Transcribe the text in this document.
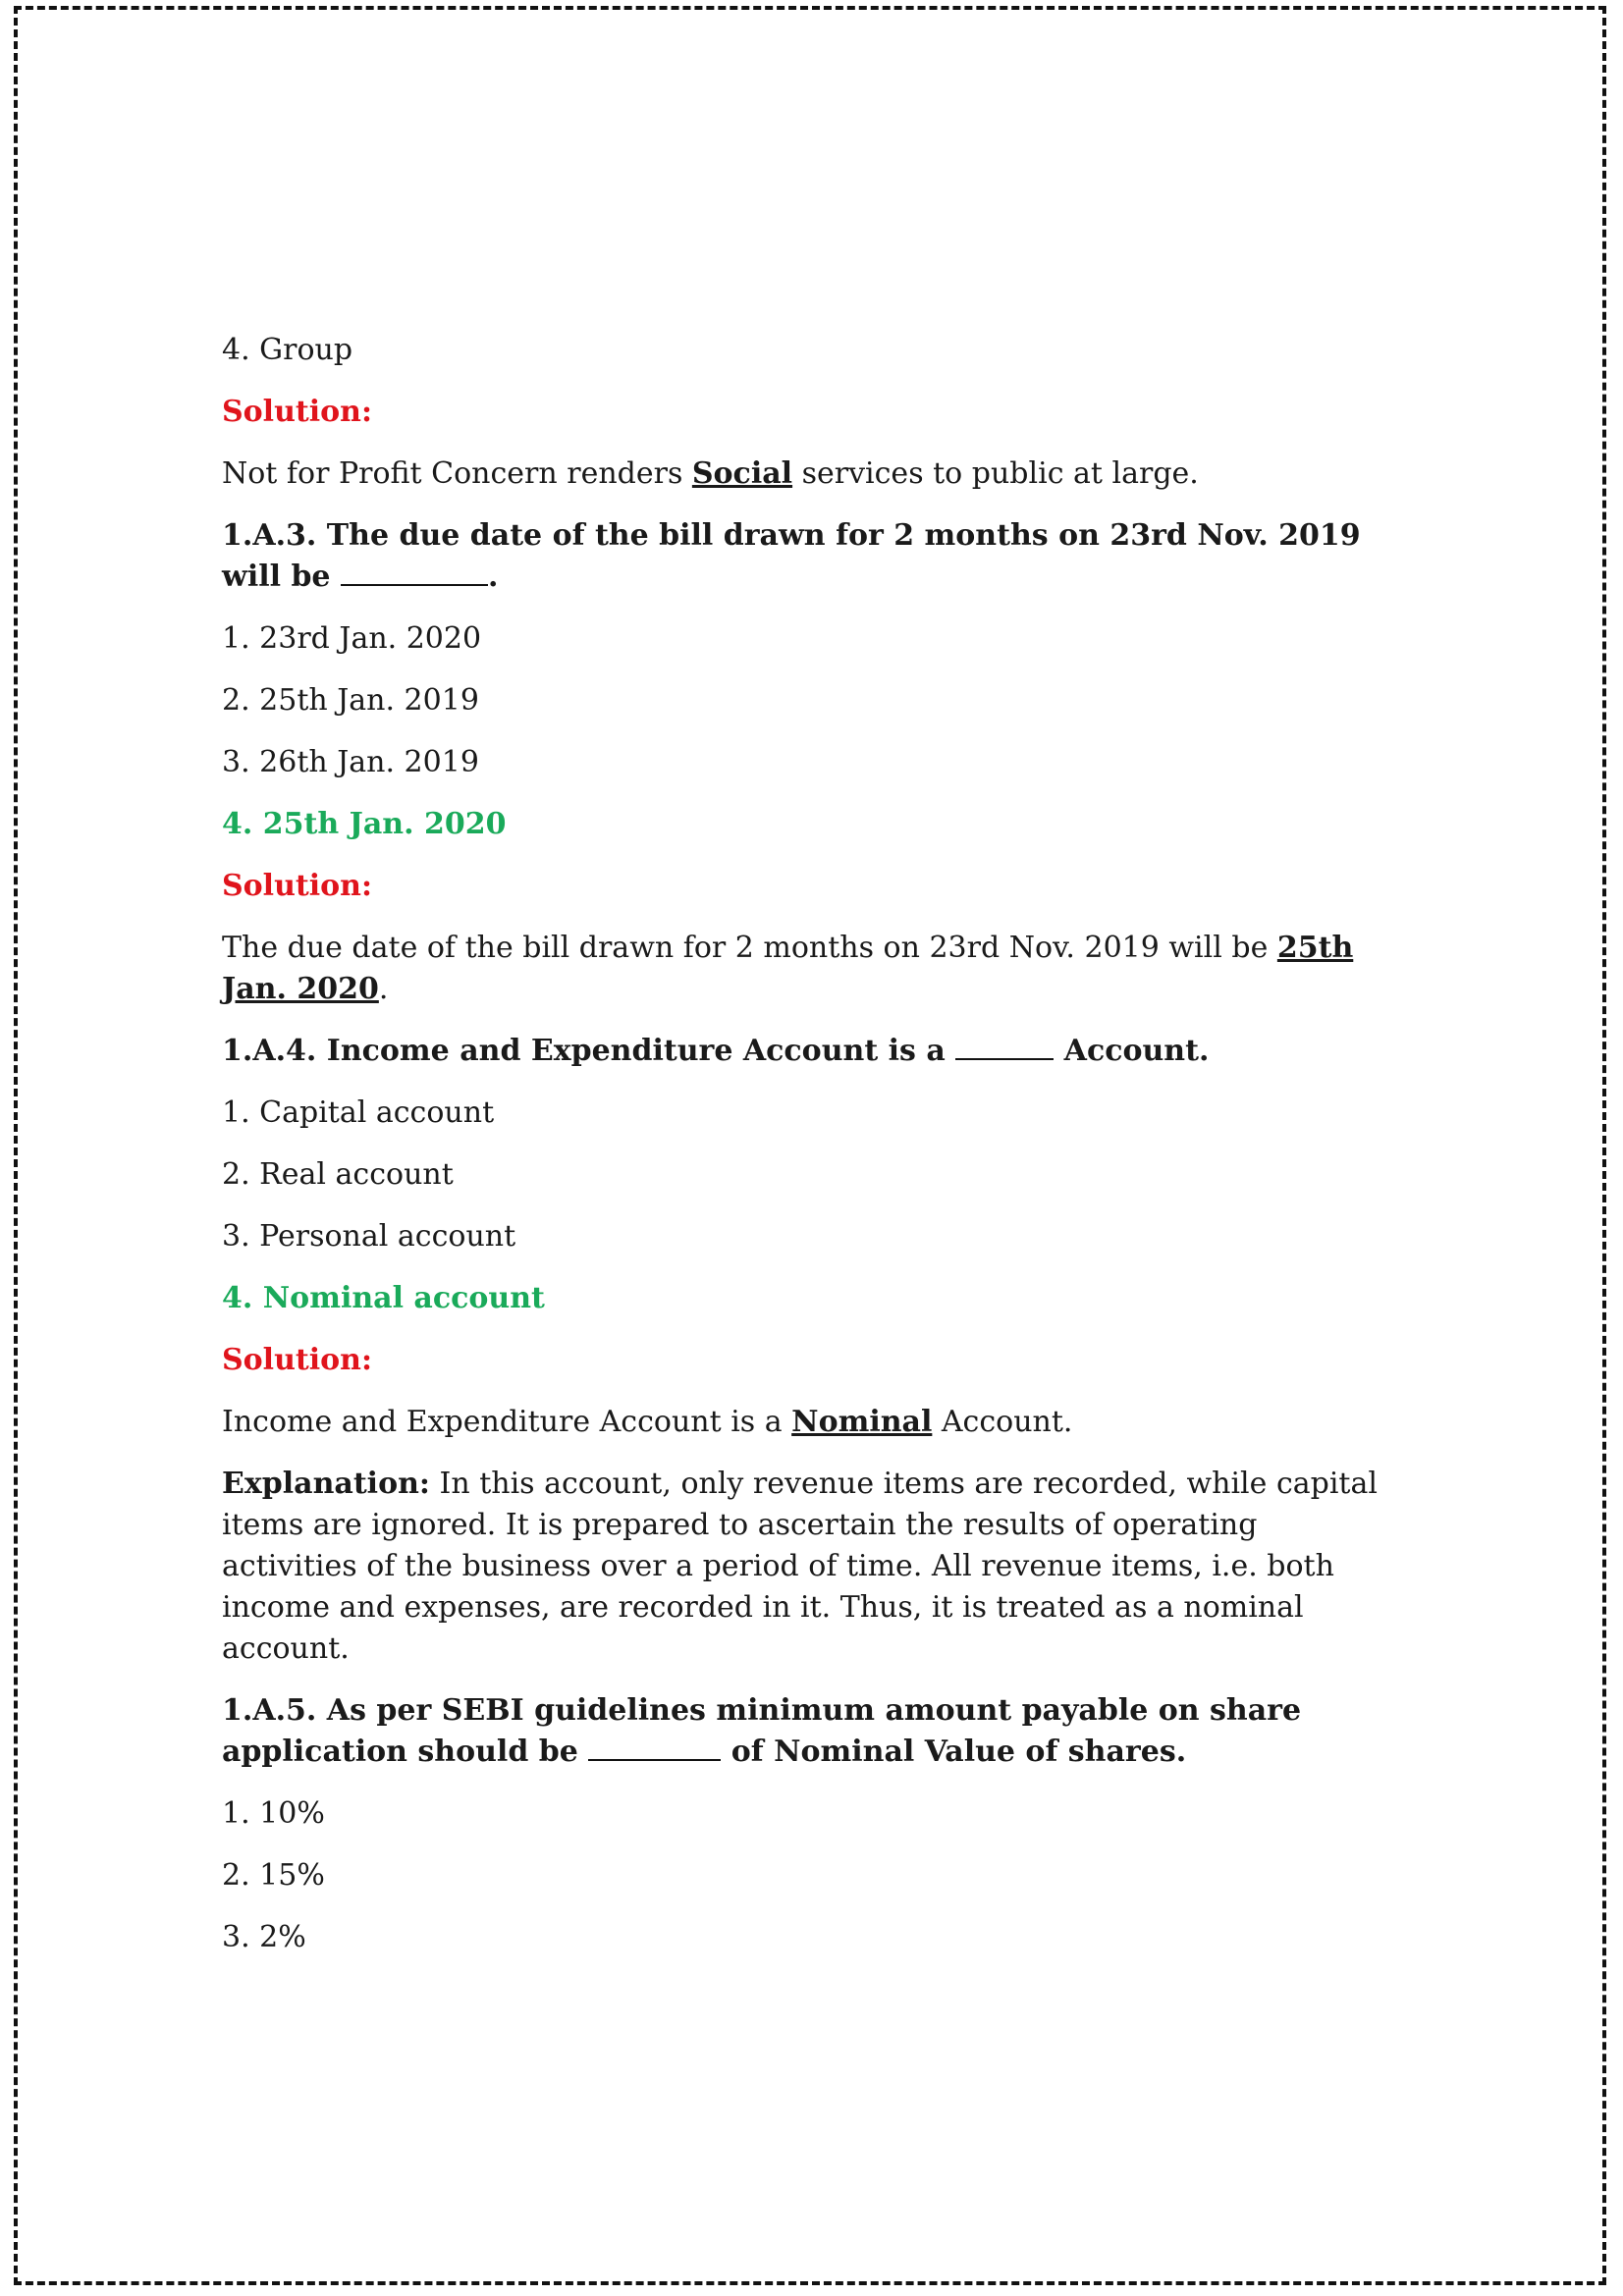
4. Group

Solution:

Not for Profit Concern renders Social services to public at large.

1.A.3. The due date of the bill drawn for 2 months on 23rd Nov. 2019 will be	.

1. 23rd Jan. 2020

2. 25th Jan. 2019

3. 26th Jan. 2019

4. 25th Jan. 2020

Solution:

The due date of the bill drawn for 2 months on 23rd Nov. 2019 will be 25th Jan. 2020.

1.A.4. Income and Expenditure Account is a	Account.

1. Capital account

2. Real account

3. Personal account

4. Nominal account

Solution:

Income and Expenditure Account is a Nominal Account.

Explanation: In this account, only revenue items are recorded, while capital items are ignored. It is prepared to ascertain the results of operating activities of the business over a period of time. All revenue items, i.e. both income and expenses, are recorded in it. Thus, it is treated as a nominal account.

1.A.5. As per SEBI guidelines minimum amount payable on share application should be	of Nominal Value of shares.

1. 10%

2. 15%

3. 2%
